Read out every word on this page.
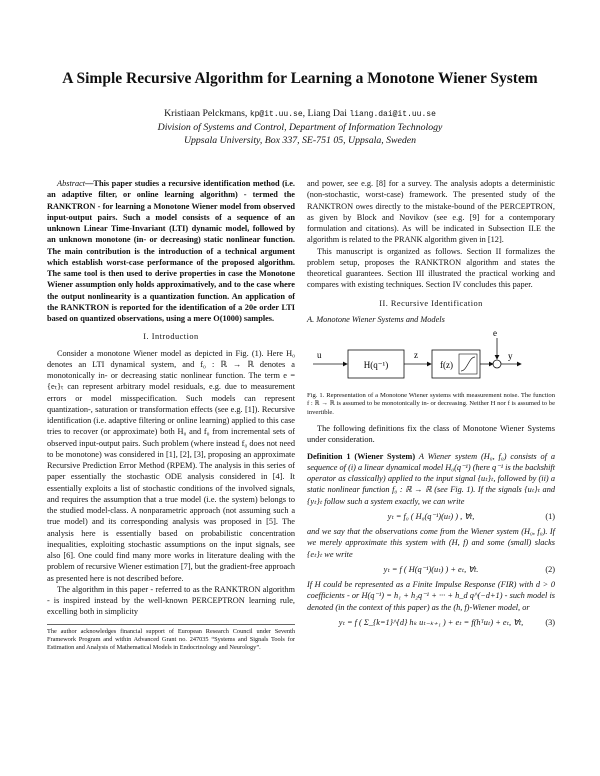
A Simple Recursive Algorithm for Learning a Monotone Wiener System
Kristiaan Pelckmans, kp@it.uu.se, Liang Dai liang.dai@it.uu.se
Division of Systems and Control, Department of Information Technology
Uppsala University, Box 337, SE-751 05, Uppsala, Sweden

Abstract—This paper studies a recursive identification method (i.e. an adaptive filter, or online learning algorithm) - termed the RANKTRON - for learning a Monotone Wiener model from observed input-output pairs. Such a model consists of a sequence of an unknown Linear Time-Invariant (LTI) dynamic model, followed by an unknown monotone (in- or decreasing) static nonlinear function. The main contribution is the introduction of a technical argument which establish worst-case performance of the proposed algorithm. The same tool is then used to derive properties in case the Monotone Wiener assumption only holds approximatively, and to the case where the output nonlinearity is a quantization function. An application of the RANKTRON is reported for the identification of a 20e order LTI based on quantized observations, using a mere O(1000) samples.

I. Introduction

Consider a monotone Wiener model as depicted in Fig. (1). Here H₀ denotes an LTI dynamical system, and f₀ : ℝ → ℝ denotes a monotonically in- or decreasing static nonlinear function. The term e = {eₜ}ₜ can represent arbitrary model residuals, e.g. due to measurement errors or model misspecification. Such models can represent quantization-, saturation or transformation effects (see e.g. [1]). Recursive identification (i.e. adaptive filtering or online learning) applied to this case tries to recover (or approximate) both H₀ and f₀ from incremental sets of observed input-output pairs. Such problem (where instead f₀ does not need to be monotone) was considered in [1], [2], [3], proposing an approximate Recursive Prediction Error Method (RPEM). The analysis in this series of paper essentially the stochastic ODE analysis considered in [4]. It essentially exploits a list of stochastic conditions of the involved signals, and requires the assumption that a true model (i.e. the system) belongs to the studied model-class. A nonparametric approach (not assuming such a true model) and its corresponding analysis was proposed in [5]. The analysis here is essentially based on probabilistic concentration inequalities, exploiting stochastic assumptions on the input signals, see also [6]. One could find many more works in literature dealing with the problem of recursive Wiener estimation [7], but the gradient-free approach as presented here is not described before.

The algorithm in this paper - referred to as the RANKTRON algorithm - is inspired instead by the well-known PERCEPTRON learning rule, excelling both in simplicity

The author acknowledges financial support of European Research Council under Seventh Framework Program and within Advanced Grant no. 247035 “Systems and Signals Tools for Estimation and Analysis of Mathematical Models in Endocrinology and Neurology”.

and power, see e.g. [8] for a survey. The analysis adopts a deterministic (non-stochastic, worst-case) framework. The presented study of the RANKTRON owes directly to the mistake-bound of the PERCEPTRON, as given by Block and Novikov (see e.g. [9] for a contemporary formulation and citations). As will be indicated in Subsection II.E the algorithm is related to the PRANK algorithm given in [12].

This manuscript is organized as follows. Section II formalizes the problem setup, proposes the RANKTRON algorithm and states the theoretical guarantees. Section III illustrated the practical working and compares with existing techniques. Section IV concludes this paper.

II. Recursive Identification
A. Monotone Wiener Systems and Models
u
H(q⁻¹)
z
f(z)
e
y

Fig. 1. Representation of a Monotone Wiener systems with measurement noise. The function f : ℝ → ℝ is assumed to be monotonically in- or decreasing. Neither H nor f is assumed to be invertible.

The following definitions fix the class of Monotone Wiener Systems under consideration.

Definition 1 (Wiener System) A Wiener system (H₀, f₀) consists of a sequence of (i) a linear dynamical model H₀(q⁻¹) (here q⁻¹ is the backshift operator as classically) applied to the input signal {uₜ}ₜ, followed by (ii) a static nonlinear function f₀ : ℝ → ℝ (see Fig. 1). If the signals {uₜ}ₜ and {yₜ}ₜ follow such a system exactly, we can write

yₜ = f₀ ( H₀(q⁻¹)(uₜ) ) , ∀t,	(1)

and we say that the observations come from the Wiener system (H₀, f₀). If we merely approximate this system with (H, f) and some (small) slacks {eₜ}ₜ we write

yₜ = f ( H(q⁻¹)(uₜ) ) + eₜ, ∀t.	(2)

If H could be represented as a Finite Impulse Response (FIR) with d > 0 coefficients - or H(q⁻¹) = h₁ + h₂q⁻¹ + ··· + h_d q^(−d+1) - such model is denoted (in the context of this paper) as the (h, f)-Wiener model, or

yₜ = f ( Σ_{k=1}^{d} hₖ uₜ₋ₖ₊₁ ) + eₜ = f(hᵀuₜ) + eₜ, ∀t,	(3)
